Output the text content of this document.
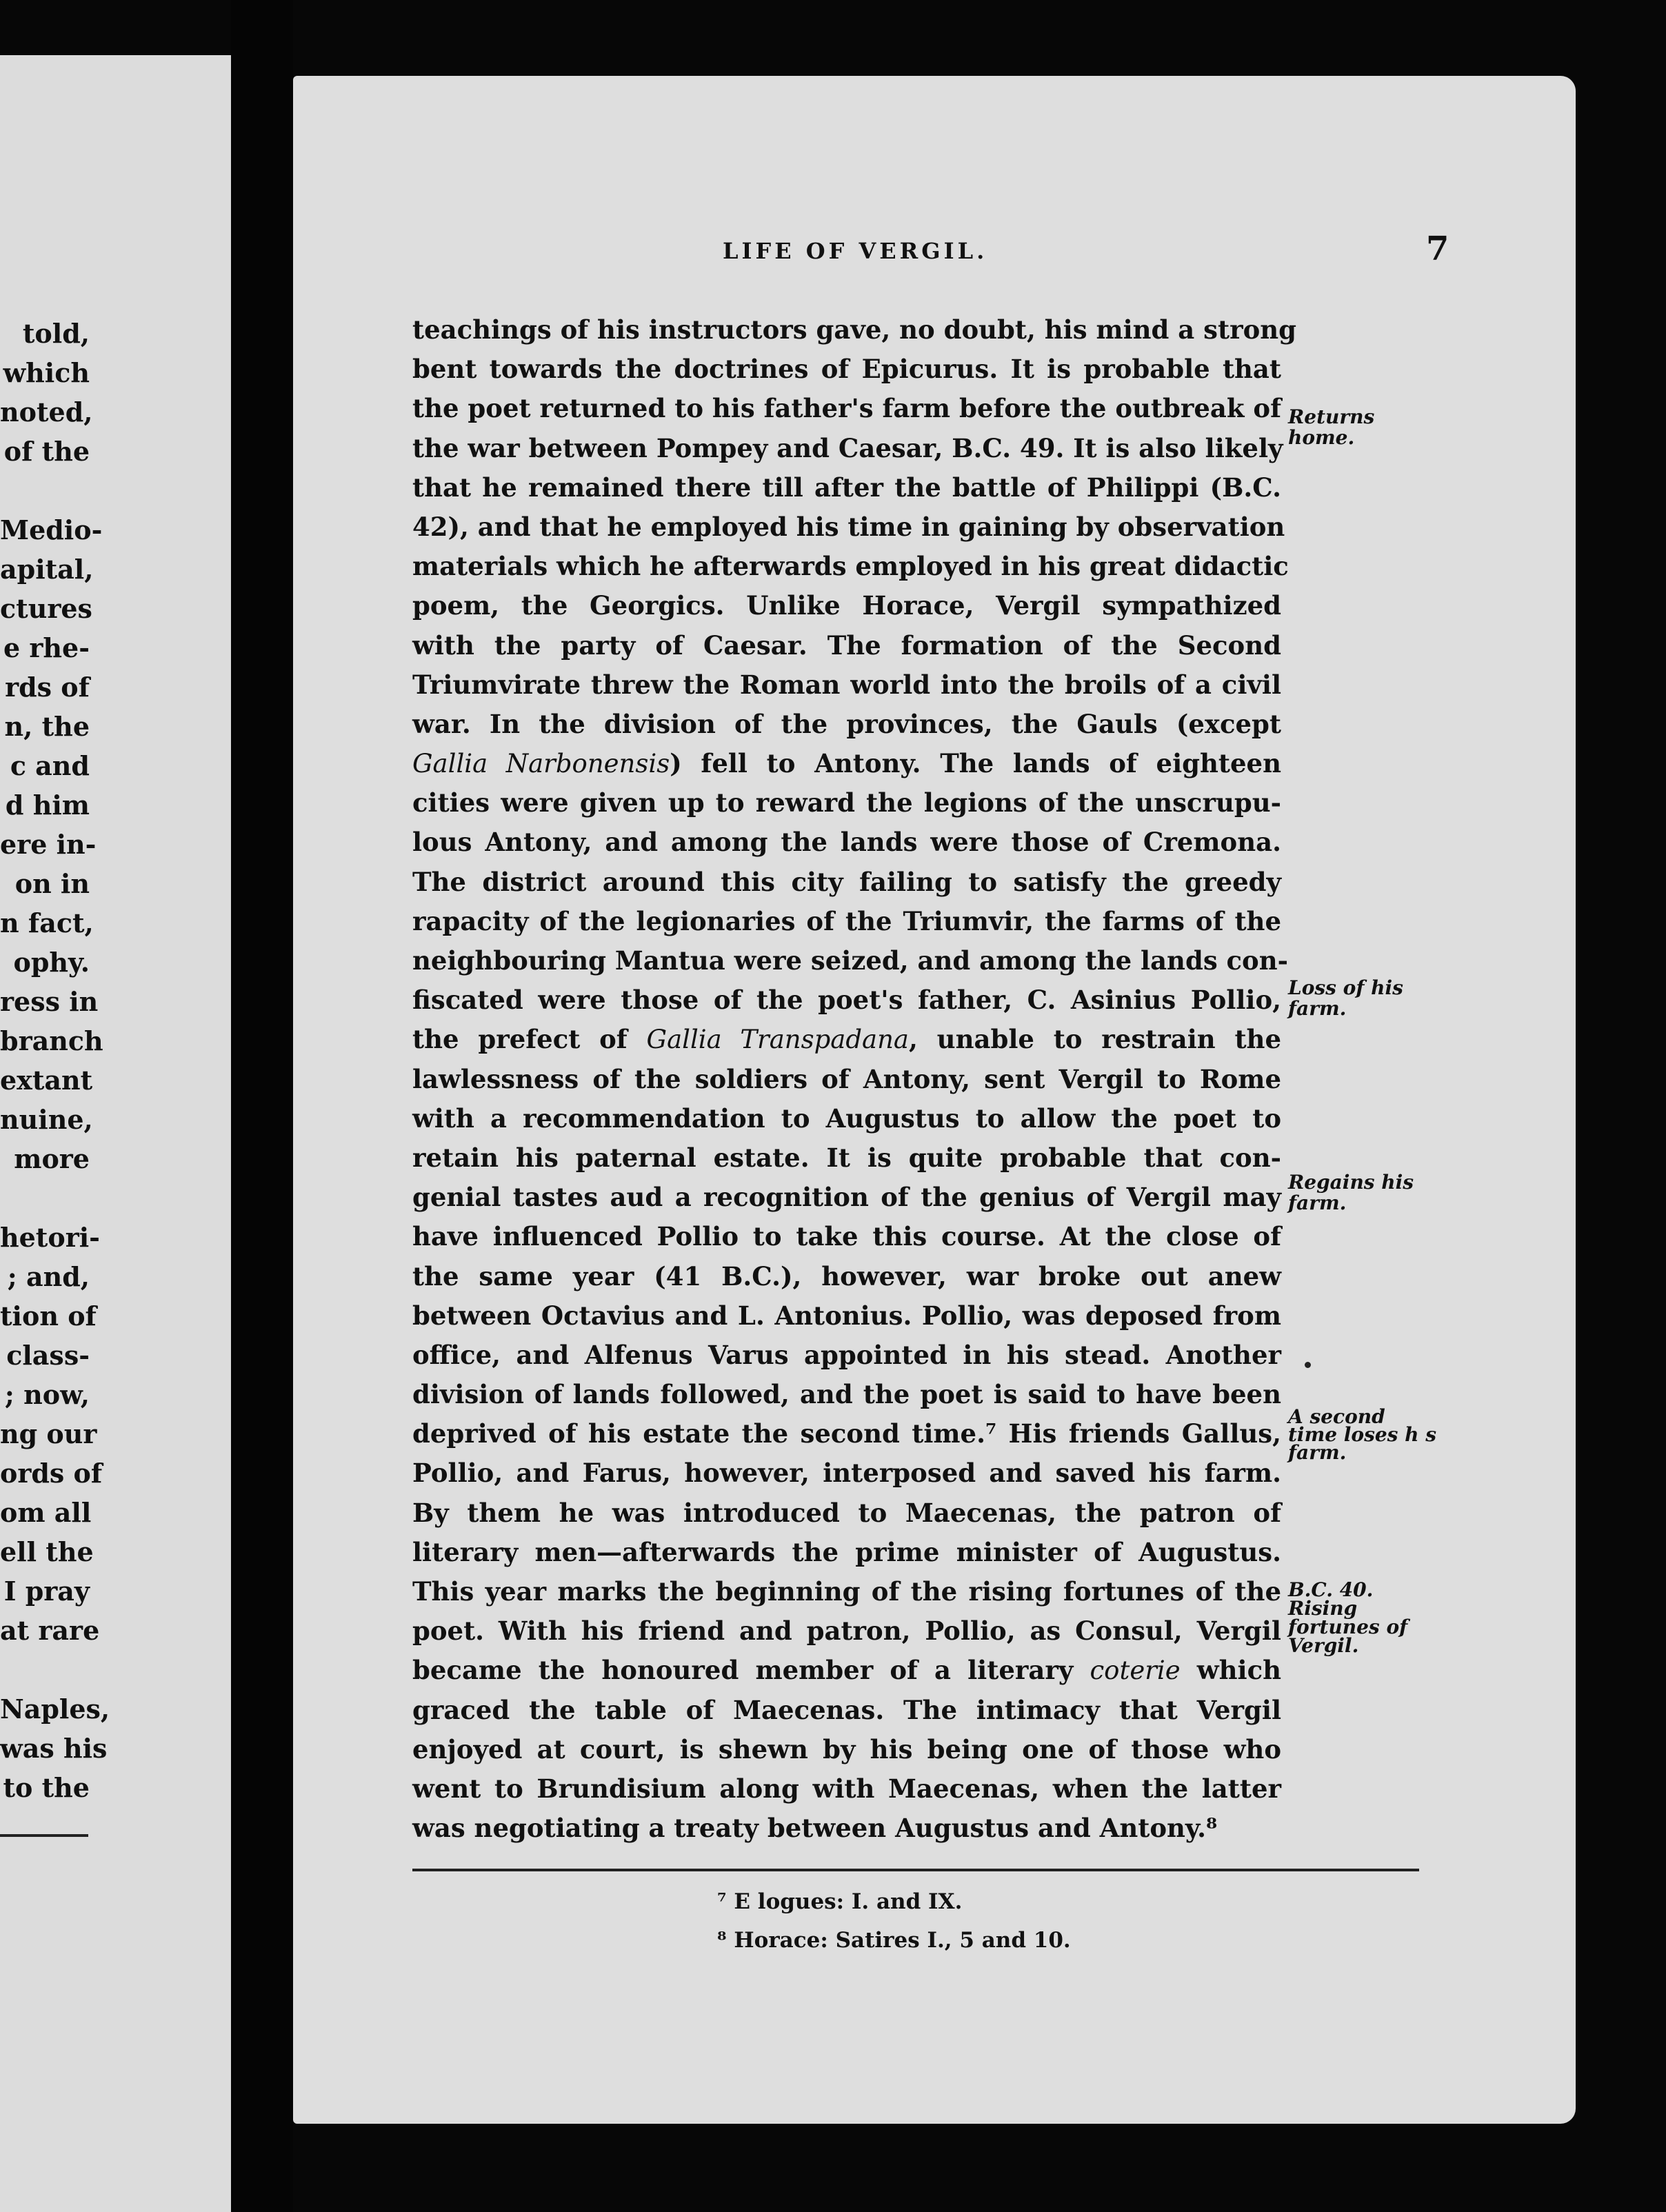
told,
which
noted,
of the
Medio-
apital,
ctures
e rhe-
rds of
n, the
c and
d him
ere in-
on in
n fact,
ophy.
ress in
branch
extant
nuine,
more
hetori-
; and,
tion of
class-
; now,
ng our
ords of
om all
ell the
I pray
at rare
Naples,
was his
to the
LIFE OF VERGIL.	7
teachings of his instructors gave, no doubt, his mind a strong
bent towards the doctrines of Epicurus. It is probable that
the poet returned to his father's farm before the outbreak of
the war between Pompey and Caesar, B.C. 49. It is also likely
that he remained there till after the battle of Philippi (B.C.
42), and that he employed his time in gaining by observation
materials which he afterwards employed in his great didactic
poem, the Georgics. Unlike Horace, Vergil sympathized
with the party of Caesar. The formation of the Second
Triumvirate threw the Roman world into the broils of a civil
war. In the division of the provinces, the Gauls (except
Gallia Narbonensis) fell to Antony. The lands of eighteen
cities were given up to reward the legions of the unscrupu-
lous Antony, and among the lands were those of Cremona.
The district around this city failing to satisfy the greedy
rapacity of the legionaries of the Triumvir, the farms of the
neighbouring Mantua were seized, and among the lands con-
fiscated were those of the poet's father, C. Asinius Pollio,
the prefect of Gallia Transpadana, unable to restrain the
lawlessness of the soldiers of Antony, sent Vergil to Rome
with a recommendation to Augustus to allow the poet to
retain his paternal estate. It is quite probable that con-
genial tastes aud a recognition of the genius of Vergil may
have influenced Pollio to take this course. At the close of
the same year (41 B.C.), however, war broke out anew
between Octavius and L. Antonius. Pollio, was deposed from
office, and Alfenus Varus appointed in his stead. Another
division of lands followed, and the poet is said to have been
deprived of his estate the second time.⁷ His friends Gallus,
Pollio, and Farus, however, interposed and saved his farm.
By them he was introduced to Maecenas, the patron of
literary men—afterwards the prime minister of Augustus.
This year marks the beginning of the rising fortunes of the
poet. With his friend and patron, Pollio, as Consul, Vergil
became the honoured member of a literary coterie which
graced the table of Maecenas. The intimacy that Vergil
enjoyed at court, is shewn by his being one of those who
went to Brundisium along with Maecenas, when the latter
was negotiating a treaty between Augustus and Antony.⁸
Returns
home.
Loss of his
farm.
Regains his
farm.
A second
time loses h s
farm.
B.C. 40.
Rising
fortunes of
Vergil.
⁷ E logues: I. and IX.
⁸ Horace: Satires I., 5 and 10.
